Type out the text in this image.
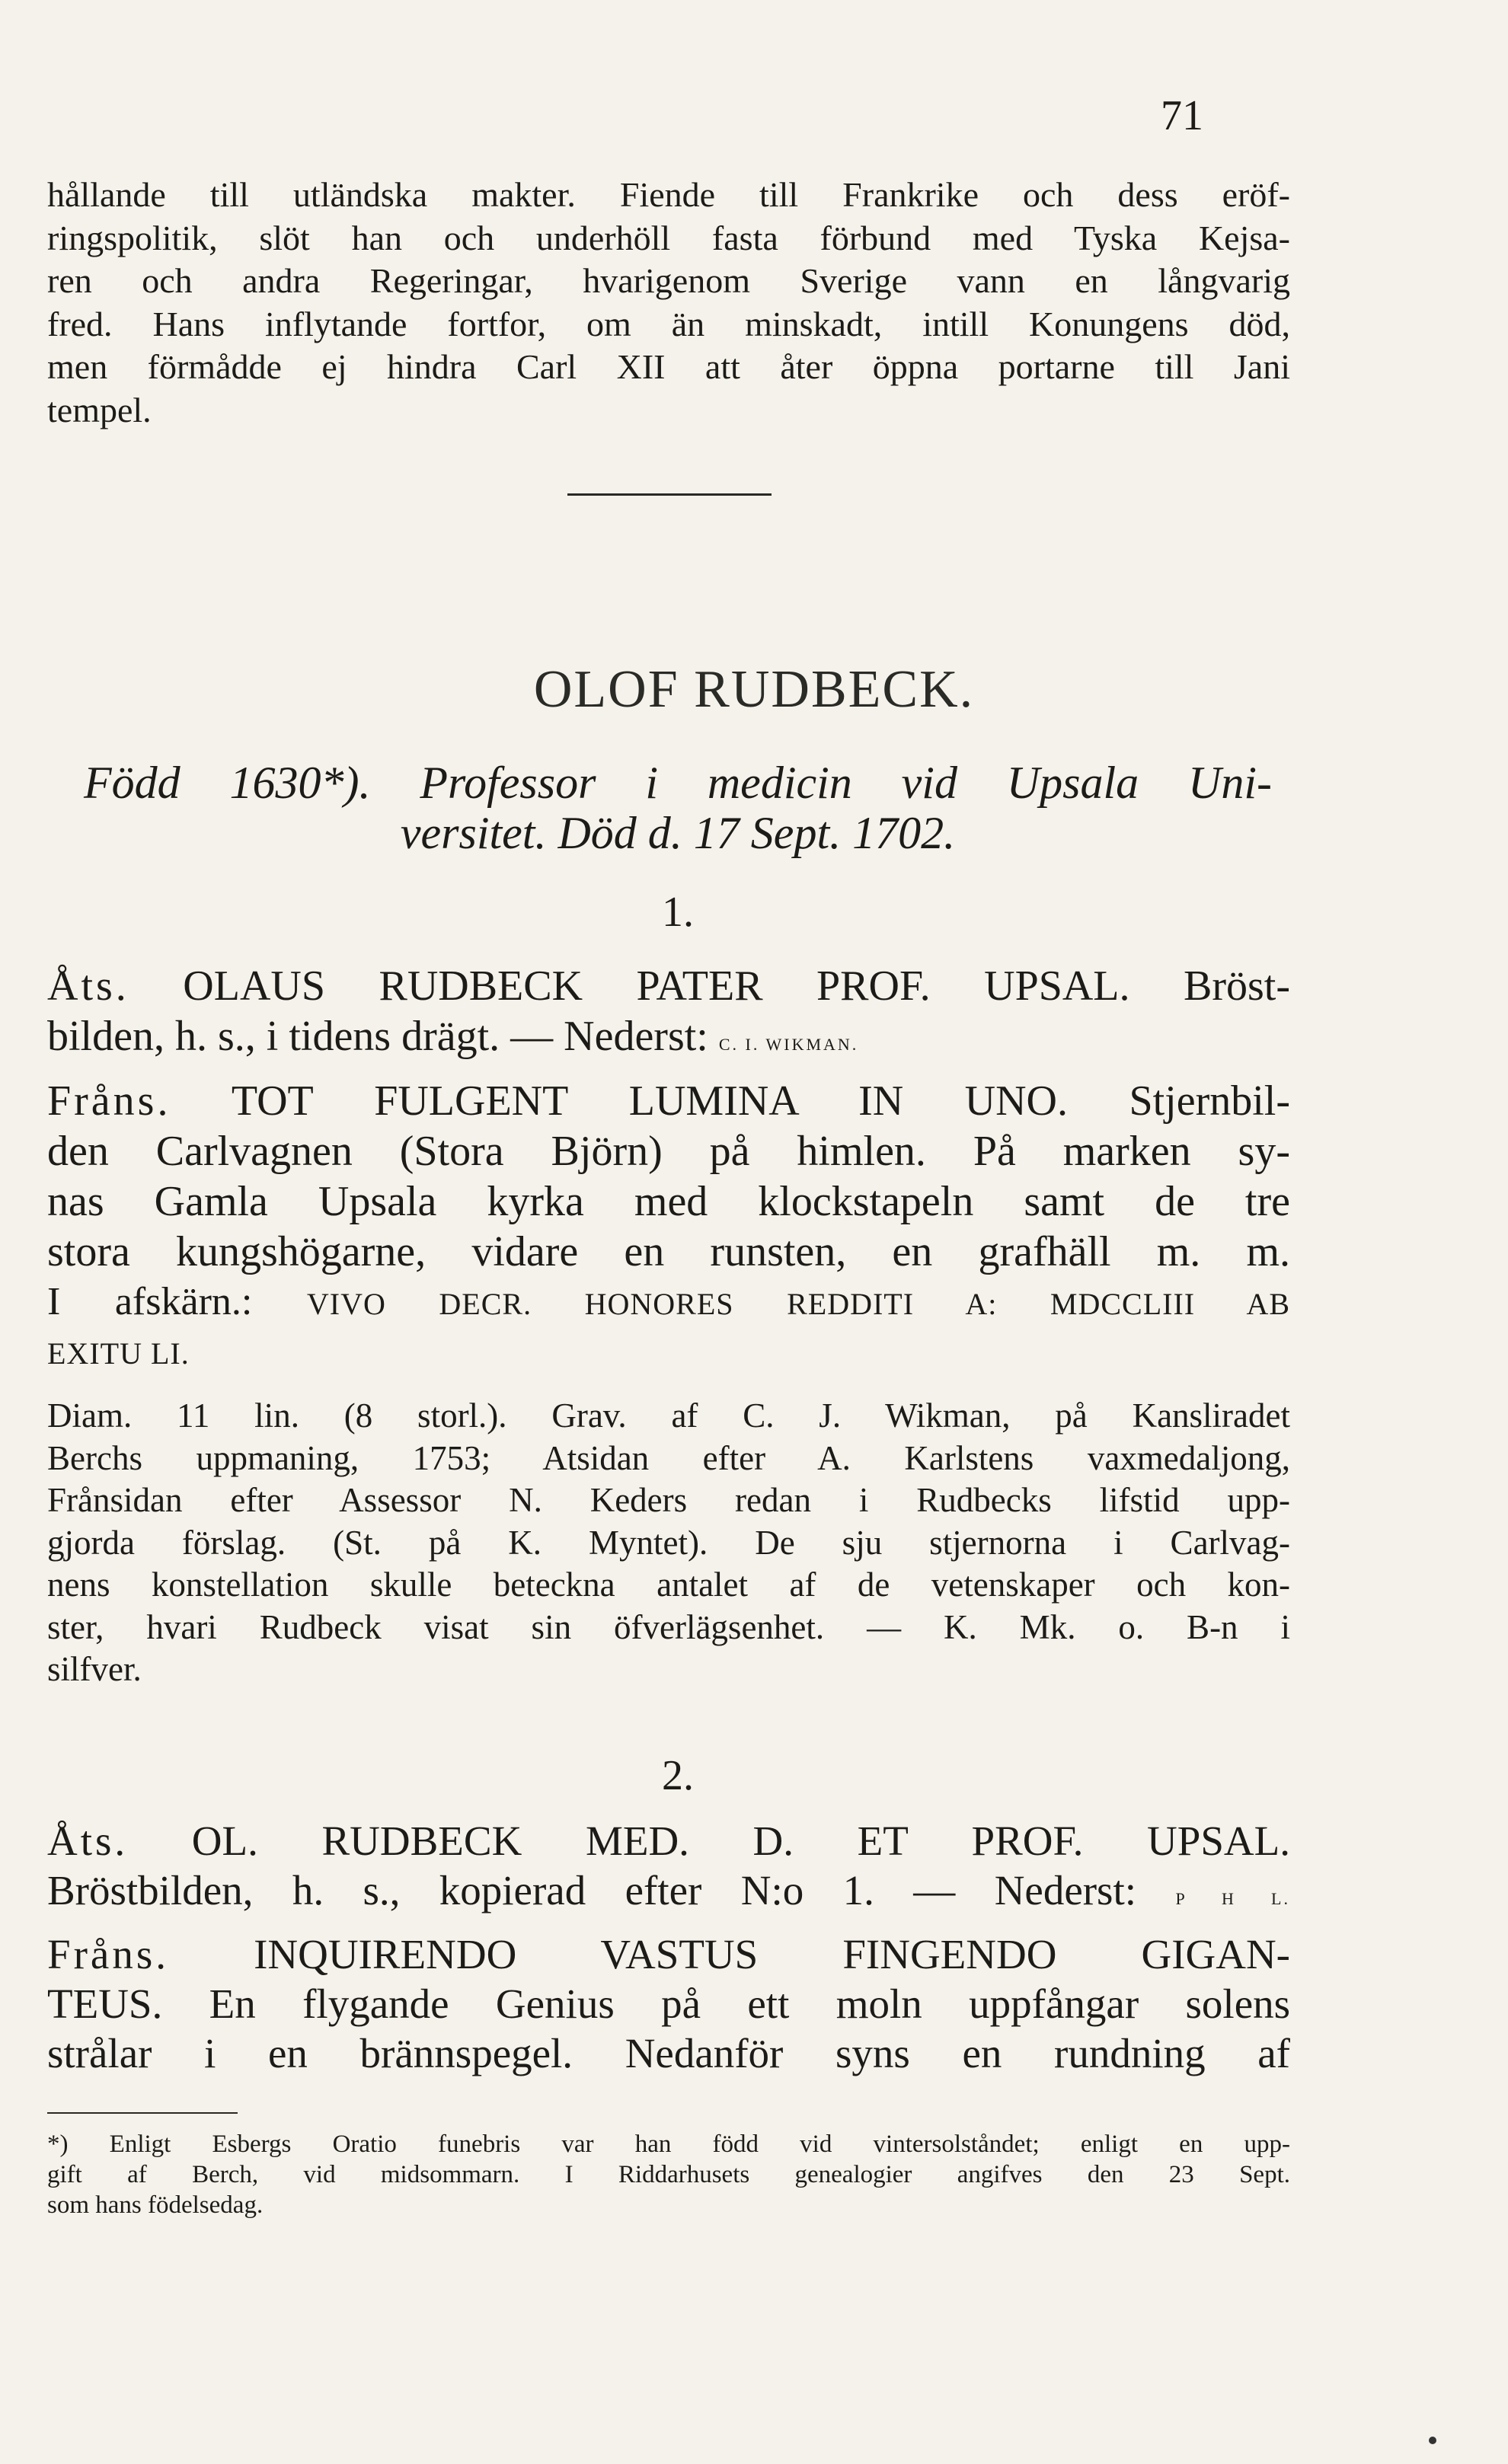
71
hållande till utländska makter. Fiende till Frankrike och dess eröf-
ringspolitik, slöt han och underhöll fasta förbund med Tyska Kejsa-
ren och andra Regeringar, hvarigenom Sverige vann en långvarig
fred. Hans inflytande fortfor, om än minskadt, intill Konungens död,
men förmådde ej hindra Carl XII att åter öppna portarne till Jani
tempel.
OLOF RUDBECK.
Född 1630*). Professor i medicin vid Upsala Uni-
versitet. Död d. 17 Sept. 1702.
1.
Åts. OLAUS RUDBECK PATER PROF. UPSAL. Bröst-
bilden, h. s., i tidens drägt. — Nederst: C. I. WIKMAN.
Fråns. TOT FULGENT LUMINA IN UNO. Stjernbil-
den Carlvagnen (Stora Björn) på himlen. På marken sy-
nas Gamla Upsala kyrka med klockstapeln samt de tre
stora kungshögarne, vidare en runsten, en grafhäll m. m.
I afskärn.: VIVO DECR. HONORES REDDITI A: MDCCLIII AB
EXITU LI.
Diam. 11 lin. (8 storl.). Grav. af C. J. Wikman, på Kansliradet
Berchs uppmaning, 1753; Atsidan efter A. Karlstens vaxmedaljong,
Frånsidan efter Assessor N. Keders redan i Rudbecks lifstid upp-
gjorda förslag. (St. på K. Myntet). De sju stjernorna i Carlvag-
nens konstellation skulle beteckna antalet af de vetenskaper och kon-
ster, hvari Rudbeck visat sin öfverlägsenhet. — K. Mk. o. B-n i
silfver.
2.
Åts. OL. RUDBECK MED. D. ET PROF. UPSAL.
Bröstbilden, h. s., kopierad efter N:o 1. — Nederst: P H L.
Fråns. INQUIRENDO VASTUS FINGENDO GIGAN-
TEUS. En flygande Genius på ett moln uppfångar solens
strålar i en brännspegel. Nedanför syns en rundning af
*) Enligt Esbergs Oratio funebris var han född vid vintersolståndet; enligt en upp-
gift af Berch, vid midsommarn. I Riddarhusets genealogier angifves den 23 Sept.
som hans födelsedag.
